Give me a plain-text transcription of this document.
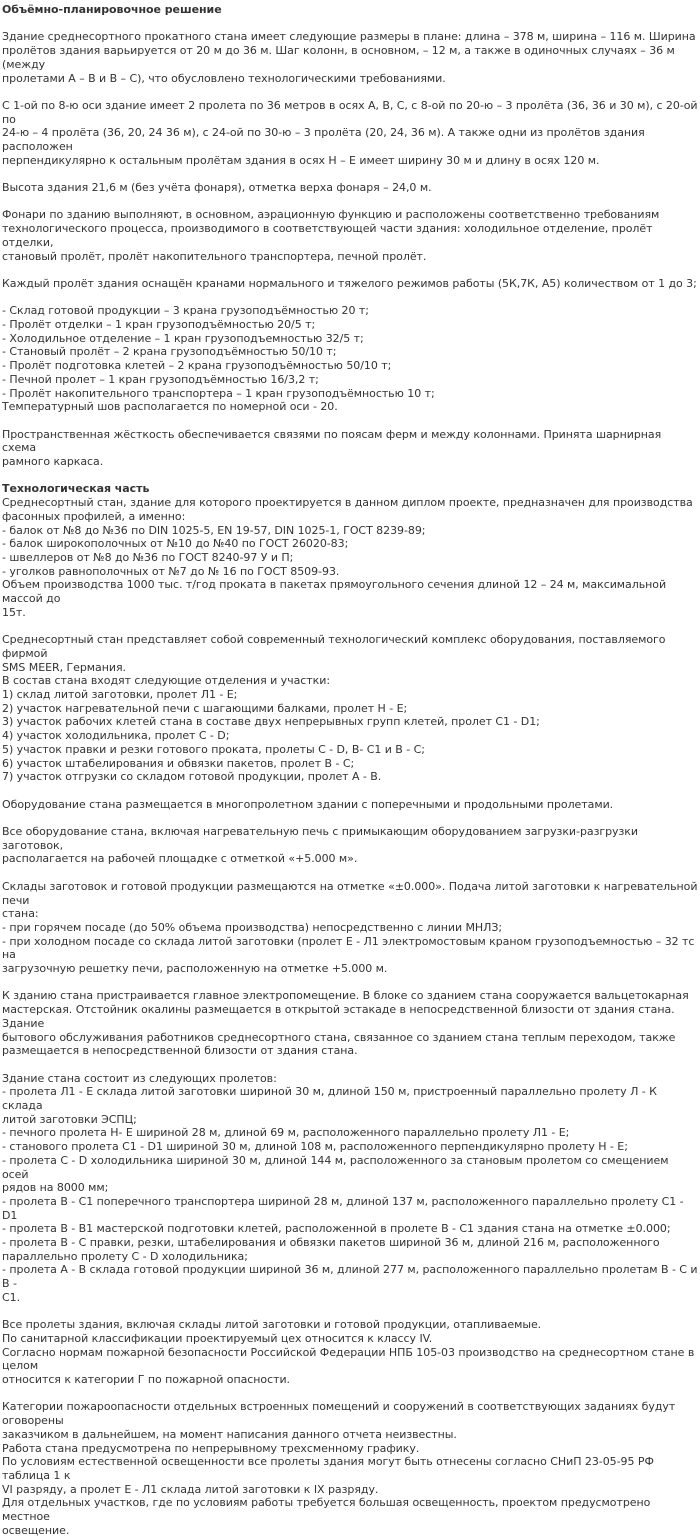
Объёмно-планировочное решение
Здание среднесортного прокатного стана имеет следующие размеры в плане: длина – 378 м, ширина – 116 м. Ширина
пролётов здания варьируется от 20 м до 36 м. Шаг колонн, в основном, – 12 м, а также в одиночных случаях – 36 м (между
пролетами А – В и В – С), что обусловлено технологическими требованиями.
С 1-ой по 8-ю оси здание имеет 2 пролета по 36 метров в осях А, В, С, с 8-ой по 20-ю – 3 пролёта (36, 36 и 30 м), с 20-ой по
24-ю – 4 пролёта (36, 20, 24 36 м), с 24-ой по 30-ю – 3 пролёта (20, 24, 36 м). А также одни из пролётов здания расположен
перпендикулярно к остальным пролётам здания в осях Н – Е имеет ширину 30 м и длину в осях 120 м.
Высота здания 21,6 м (без учёта фонаря), отметка верха фонаря – 24,0 м.
Фонари по зданию выполняют, в основном, аэрационную функцию и расположены соответственно требованиям
технологического процесса, производимого в соответствующей части здания: холодильное отделение, пролёт отделки,
становый пролёт, пролёт накопительного транспортера, печной пролёт.
Каждый пролёт здания оснащён кранами нормального и тяжелого режимов работы (5К,7К, А5) количеством от 1 до 3;
- Склад готовой продукции – 3 крана грузоподъёмностью 20 т;
- Пролёт отделки – 1 кран грузоподъёмностью 20/5 т;
- Холодильное отделение – 1 кран грузоподъемностью 32/5 т;
- Становый пролёт – 2 крана грузоподъёмностью 50/10 т;
- Пролёт подготовка клетей – 2 крана грузоподъёмностью 50/10 т;
- Печной пролет – 1 кран грузоподъёмностью 16/3,2 т;
- Пролёт накопительного транспортера – 1 кран грузоподъёмностью 10 т;
Температурный шов располагается по номерной оси - 20.
Пространственная жёсткость обеспечивается связями по поясам ферм и между колоннами. Принята шарнирная схема
рамного каркаса.
Технологическая часть
Среднесортный стан, здание для которого проектируется в данном диплом проекте, предназначен для производства
фасонных профилей, а именно:
- балок от №8 до №36 по DIN 1025-5, EN 19-57, DIN 1025-1, ГОСТ 8239-89;
- балок широкополочных от №10 до №40 по ГОСТ 26020-83;
- швеллеров от №8 до №36 по ГОСТ 8240-97 У и П;
- уголков равнополочных от №7 до № 16 по ГОСТ 8509-93.
Объем производства 1000 тыс. т/год проката в пакетах прямоугольного сечения длиной 12 – 24 м, максимальной массой до
15т.
Среднесортный стан представляет собой современный технологический комплекс оборудования, поставляемого фирмой
SMS MEER, Германия.
В состав стана входят следующие отделения и участки:
1) склад литой заготовки, пролет Л1 - Е;
2) участок нагревательной печи с шагающими балками, пролет Н - Е;
3) участок рабочих клетей стана в составе двух непрерывных групп клетей, пролет С1 - D1;
4) участок холодильника, пролет С - D;
5) участок правки и резки готового проката, пролеты С - D, В- С1 и В - С;
6) участок штабелирования и обвязки пакетов, пролет В - С;
7) участок отгрузки со складом готовой продукции, пролет А - В.
Оборудование стана размещается в многопролетном здании с поперечными и продольными пролетами.
Все оборудование стана, включая нагревательную печь с примыкающим оборудованием загрузки-разгрузки заготовок,
располагается на рабочей площадке с отметкой «+5.000 м».
Склады заготовок и готовой продукции размещаются на отметке «±0.000». Подача литой заготовки к нагревательной печи
стана:
- при горячем посаде (до 50% объема производства) непосредственно с линии МНЛЗ;
- при холодном посаде со склада литой заготовки (пролет Е - Л1 электромостовым краном грузоподъемностью – 32 тс на
загрузочную решетку печи, расположенную на отметке +5.000 м.
К зданию стана пристраивается главное электропомещение. В блоке со зданием стана сооружается вальцетокарная
мастерская. Отстойник окалины размещается в открытой эстакаде в непосредственной близости от здания стана. Здание
бытового обслуживания работников среднесортного стана, связанное со зданием стана теплым переходом, также
размещается в непосредственной близости от здания стана.
Здание стана состоит из следующих пролетов:
- пролета Л1 - Е склада литой заготовки шириной 30 м, длиной 150 м, пристроенный параллельно пролету Л - К склада
литой заготовки ЭСПЦ;
- печного пролета Н- Е шириной 28 м, длиной 69 м, расположенного параллельно пролету Л1 - Е;
- станового пролета С1 - D1 шириной 30 м, длиной 108 м, расположенного перпендикулярно пролету Н - Е;
- пролета С - D холодильника шириной 30 м, длиной 144 м, расположенного за становым пролетом со смещением осей
рядов на 8000 мм;
- пролета В - С1 поперечного транспортера шириной 28 м, длиной 137 м, расположенного параллельно пролету С1 - D1
- пролета В - В1 мастерской подготовки клетей, расположенной в пролете В - С1 здания стана на отметке ±0.000;
- пролета В - С правки, резки, штабелирования и обвязки пакетов шириной 36 м, длиной 216 м, расположенного
параллельно пролету С - D холодильника;
- пролета А - В склада готовой продукции шириной 36 м, длиной 277 м, расположенного параллельно пролетам В - С и В -
С1.
Все пролеты здания, включая склады литой заготовки и готовой продукции, отапливаемые.
По санитарной классификации проектируемый цех относится к классу IV.
Согласно нормам пожарной безопасности Российской Федерации НПБ 105-03 производство на среднесортном стане в целом
относится к категории Г по пожарной опасности.
Категории пожароопасности отдельных встроенных помещений и сооружений в соответствующих заданиях будут оговорены
заказчиком в дальнейшем, на момент написания данного отчета неизвестны.
Работа стана предусмотрена по непрерывному трехсменному графику.
По условиям естественной освещенности все пролеты здания могут быть отнесены согласно СНиП 23-05-95 РФ таблица 1 к
VI разряду, а пролет Е - Л1 склада литой заготовки к IX разряду.
Для отдельных участков, где по условиям работы требуется большая освещенность, проектом предусмотрено местное
освещение.
